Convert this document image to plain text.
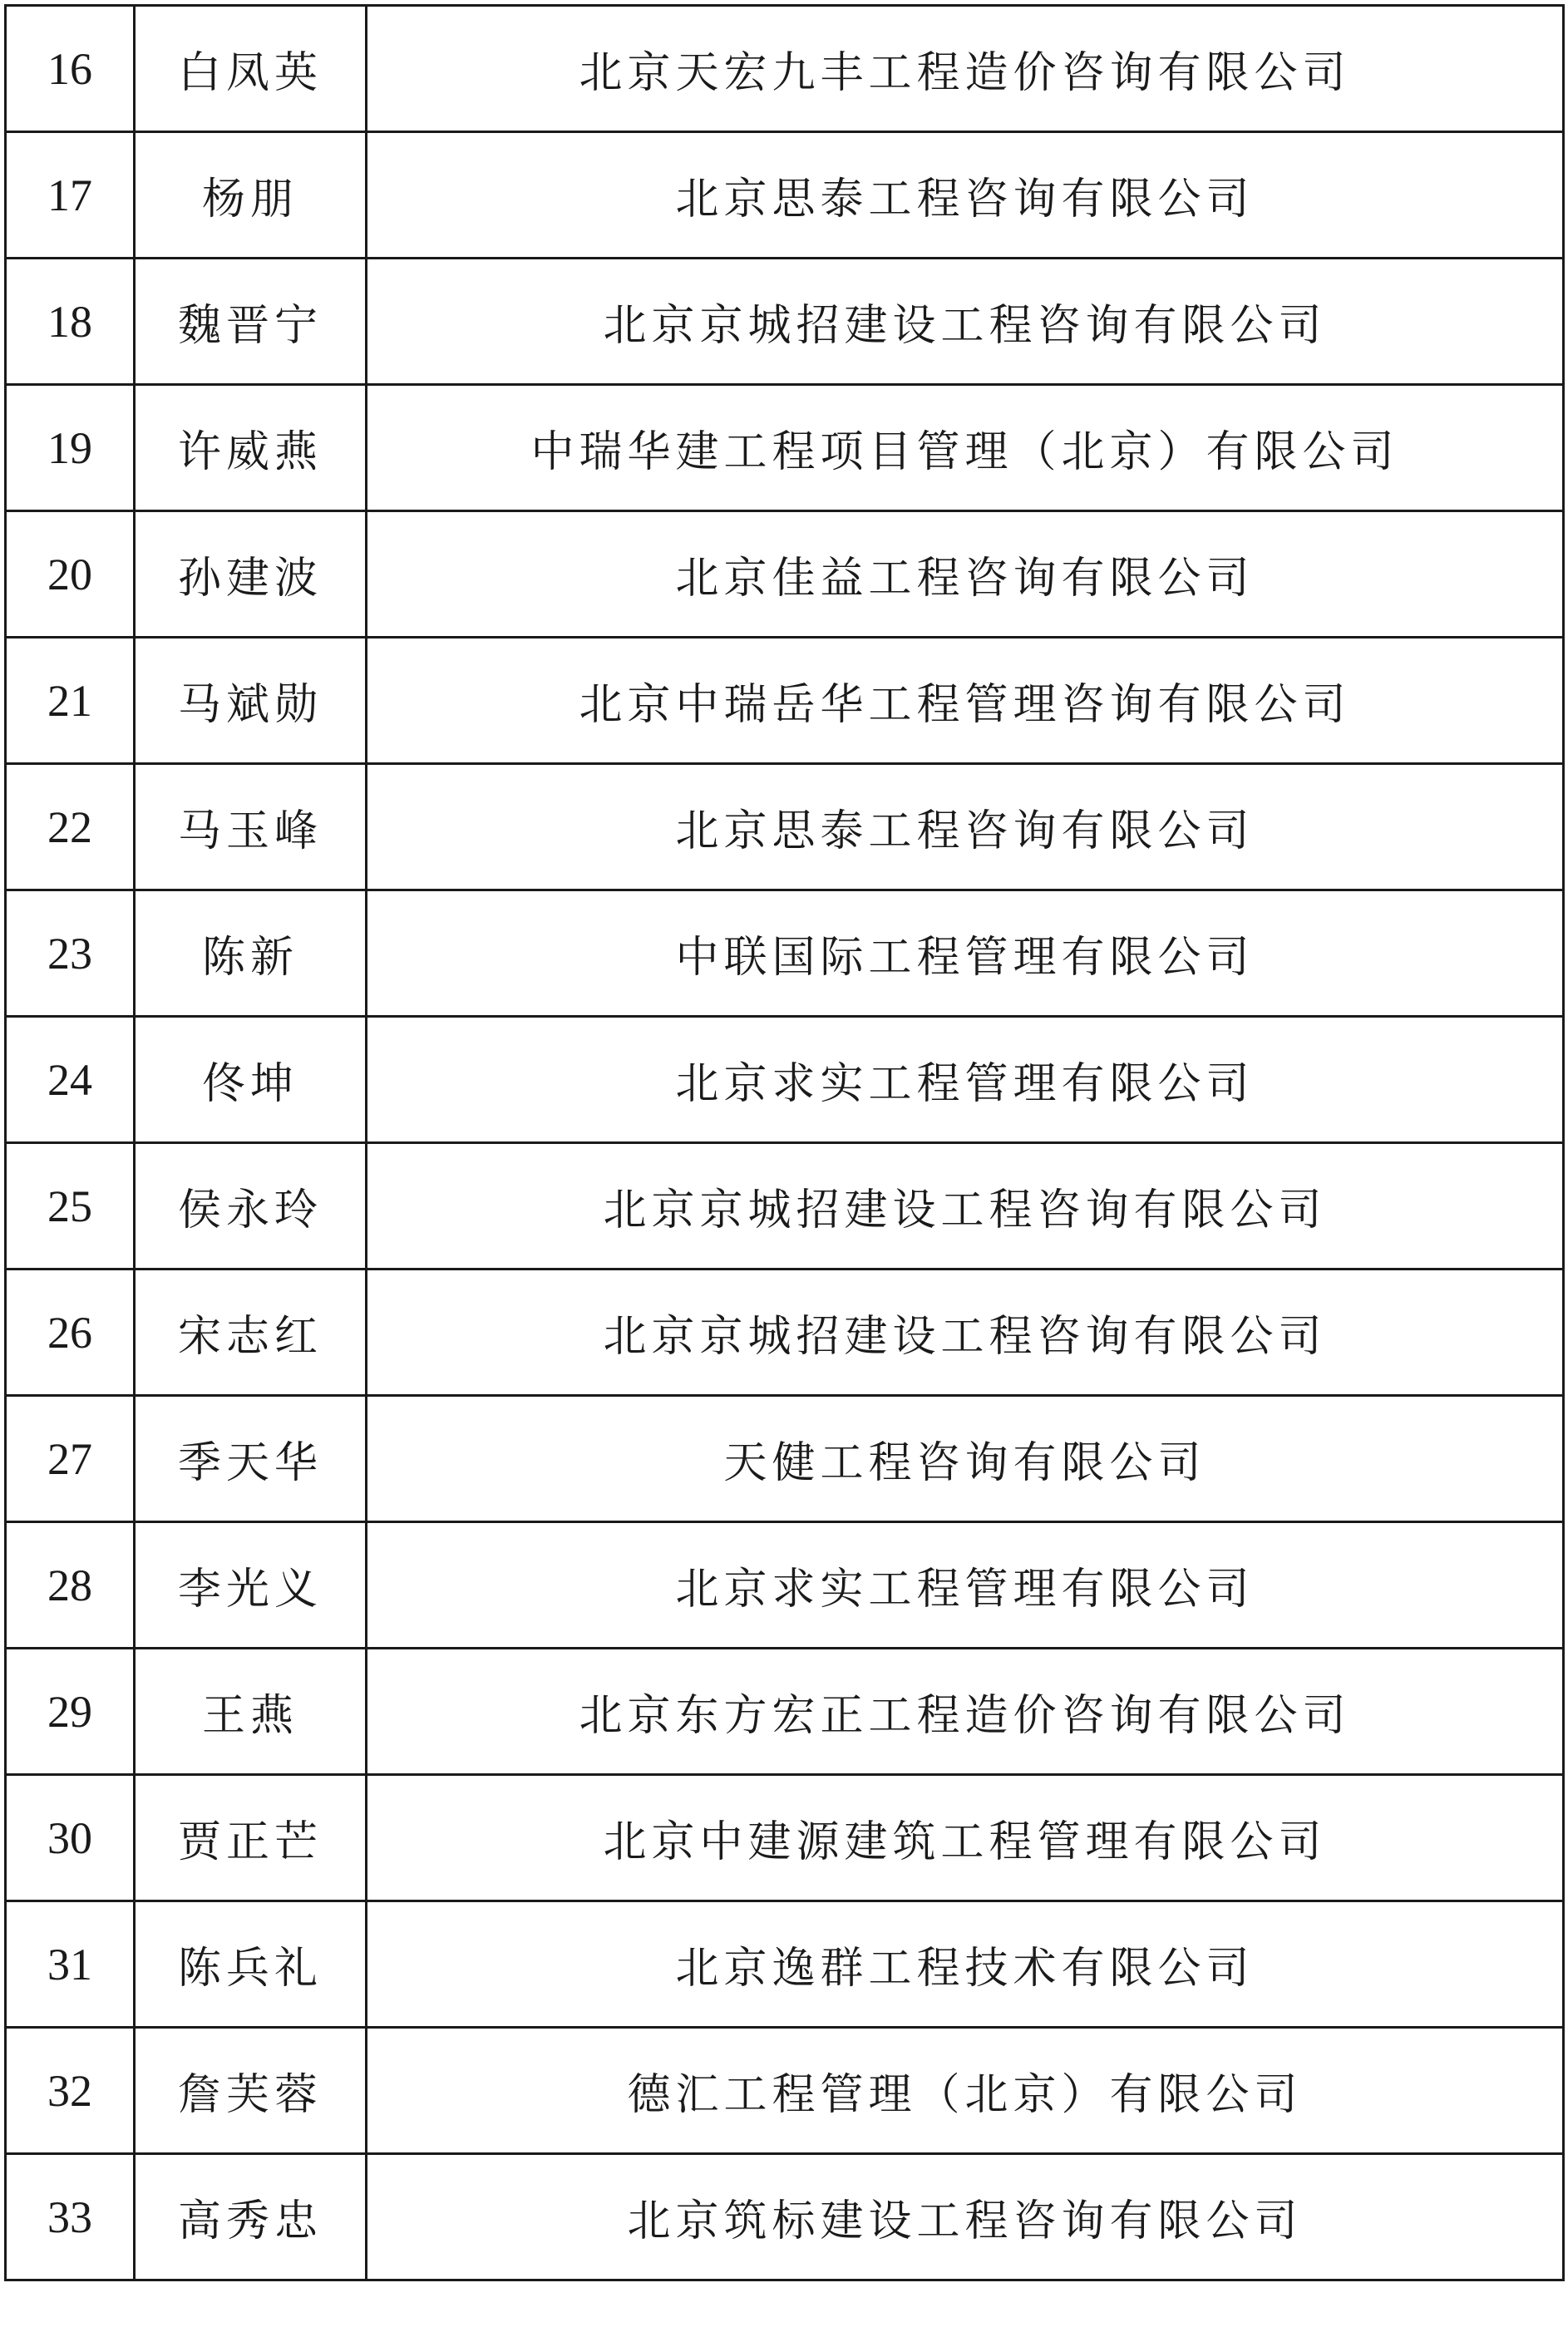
16	白凤英	北京天宏九丰工程造价咨询有限公司
17	杨朋	北京思泰工程咨询有限公司
18	魏晋宁	北京京城招建设工程咨询有限公司
19	许威燕	中瑞华建工程项目管理（北京）有限公司
20	孙建波	北京佳益工程咨询有限公司
21	马斌勋	北京中瑞岳华工程管理咨询有限公司
22	马玉峰	北京思泰工程咨询有限公司
23	陈新	中联国际工程管理有限公司
24	佟坤	北京求实工程管理有限公司
25	侯永玲	北京京城招建设工程咨询有限公司
26	宋志红	北京京城招建设工程咨询有限公司
27	季天华	天健工程咨询有限公司
28	李光义	北京求实工程管理有限公司
29	王燕	北京东方宏正工程造价咨询有限公司
30	贾正芒	北京中建源建筑工程管理有限公司
31	陈兵礼	北京逸群工程技术有限公司
32	詹芙蓉	德汇工程管理（北京）有限公司
33	高秀忠	北京筑标建设工程咨询有限公司
